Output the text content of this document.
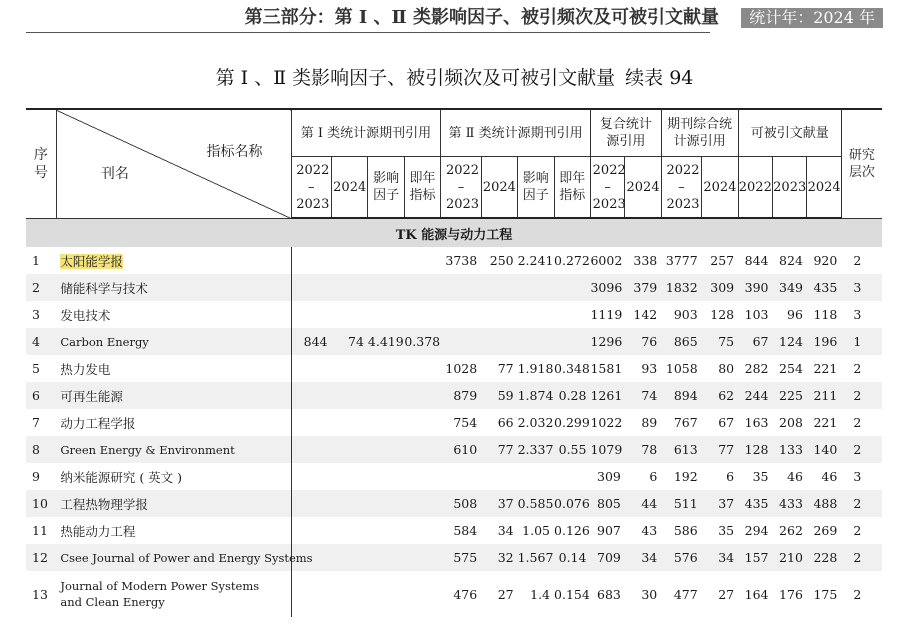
第三部分：第 Ⅰ 、Ⅱ 类影响因子、被引频次及可被引文献量	统计年：2024 年
第 Ⅰ 、Ⅱ 类影响因子、被引频次及可被引文献量 续表 94
序号	指标名称
刊名	第 Ⅰ 类统计源期刊引用				第 Ⅱ 类统计源期刊引用				复合统计源引用		期刊综合统计源引用		可被引文献量			研究层次
		2022 – 2023	2024	影响因子	即年指标	2022 – 2023	2024	影响因子	即年指标	2022 – 2023	2024	2022 – 2023	2024	2022	2023	2024	
TK 能源与动力工程																	
1	太阳能学报					3738	250	2.241	0.272	6002	338	3777	257	844	824	920	2
2	储能科学与技术									3096	379	1832	309	390	349	435	3
3	发电技术									1119	142	903	128	103	96	118	3
4	Carbon Energy	844	74	4.419	0.378					1296	76	865	75	67	124	196	1
5	热力发电					1028	77	1.918	0.348	1581	93	1058	80	282	254	221	2
6	可再生能源					879	59	1.874	0.28	1261	74	894	62	244	225	211	2
7	动力工程学报					754	66	2.032	0.299	1022	89	767	67	163	208	221	2
8	Green Energy & Environment					610	77	2.337	0.55	1079	78	613	77	128	133	140	2
9	纳米能源研究 ( 英文 )									309	6	192	6	35	46	46	3
10	工程热物理学报					508	37	0.585	0.076	805	44	511	37	435	433	488	2
11	热能动力工程					584	34	1.05	0.126	907	43	586	35	294	262	269	2
12	Csee Journal of Power and Energy Systems					575	32	1.567	0.14	709	34	576	34	157	210	228	2
13	Journal of Modern Power Systems and Clean Energy					476	27	1.4	0.154	683	30	477	27	164	176	175	2
